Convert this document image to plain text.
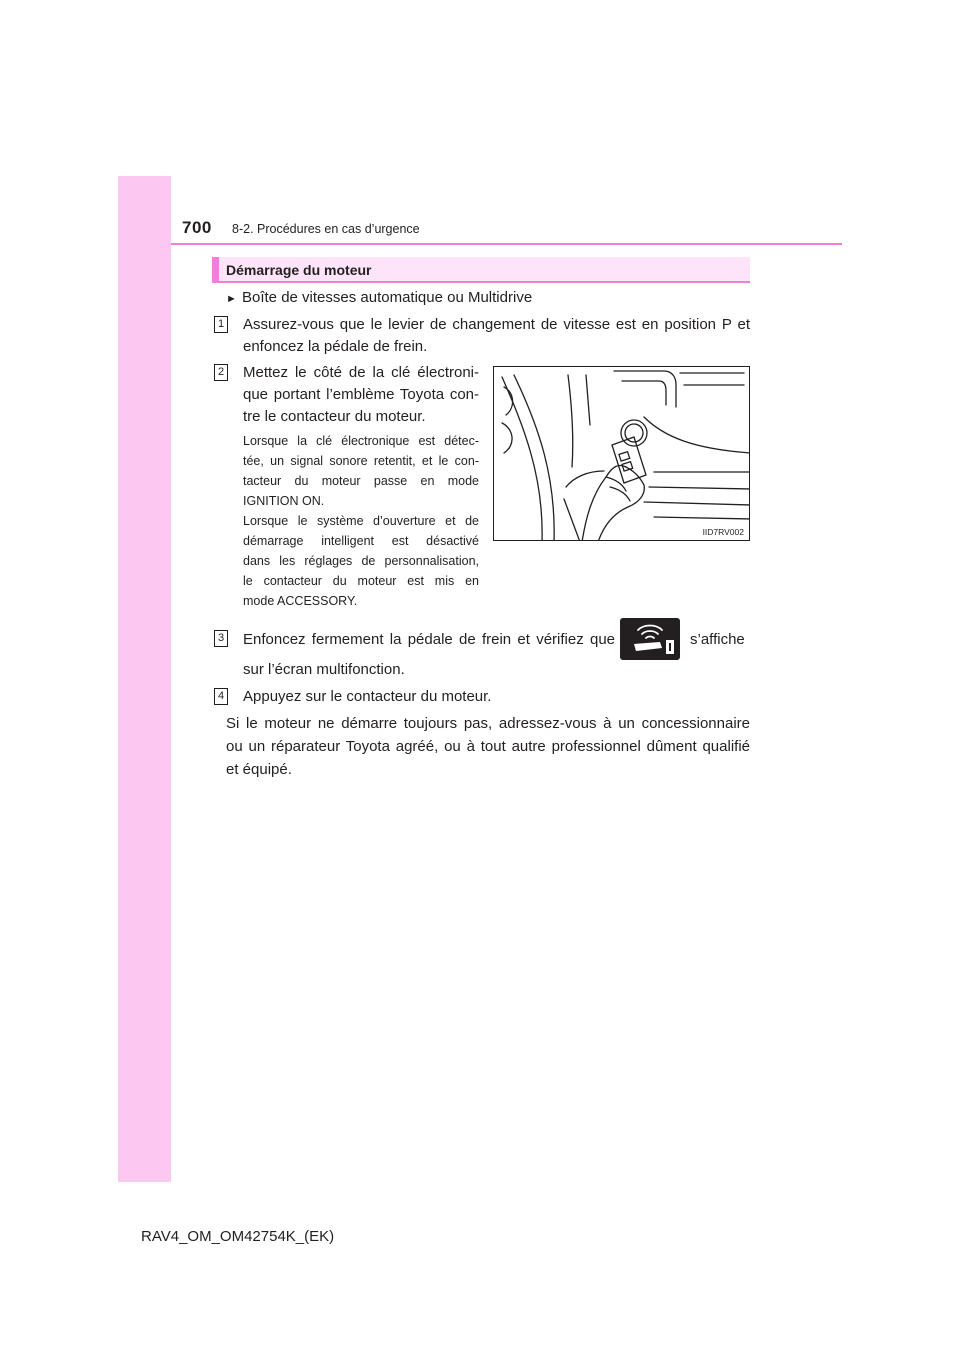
700 8-2. Procédures en cas d’urgence
Démarrage du moteur
► Boîte de vitesses automatique ou Multidrive
1 Assurez-vous que le levier de changement de vitesse est en position P et
enfoncez la pédale de frein.
2 Mettez le côté de la clé électroni-
que portant l’emblème Toyota con-
tre le contacteur du moteur.
Lorsque la clé électronique est détec-
tée, un signal sonore retentit, et le con-
tacteur du moteur passe en mode
IGNITION ON.
Lorsque le système d’ouverture et de
démarrage intelligent est désactivé
dans les réglages de personnalisation,
le contacteur du moteur est mis en
mode ACCESSORY.
IID7RV002
3 Enfoncez fermement la pédale de frein et vérifiez que	s’affiche
sur l’écran multifonction.
4 Appuyez sur le contacteur du moteur.
Si le moteur ne démarre toujours pas, adressez-vous à un concessionnaire
ou un réparateur Toyota agréé, ou à tout autre professionnel dûment qualifié
et équipé.
RAV4_OM_OM42754K_(EK)
